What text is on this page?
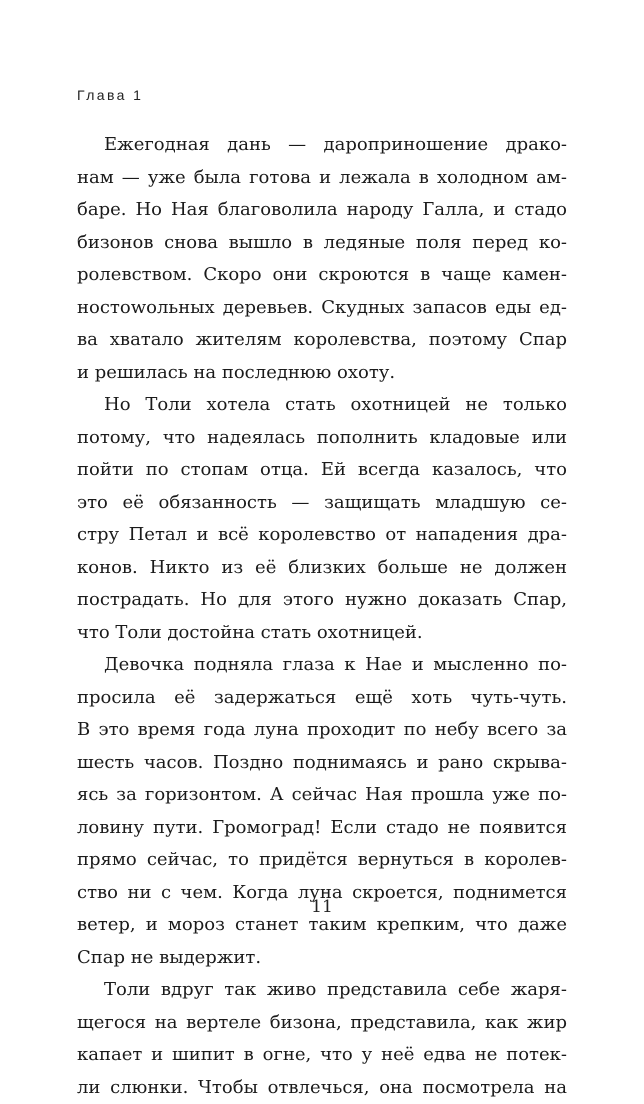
Глава 1
Ежегодная дань — дароприношение драко-
нам — уже была готова и лежала в холодном ам-
баре. Но Ная благоволила народу Галла, и стадо
бизонов снова вышло в ледяные поля перед ко-
ролевством. Скоро они скроются в чаще камен-
ностowольных деревьев. Скудных запасов еды ед-
ва хватало жителям королевства, поэтому Спар
и решилась на последнюю охоту.
Но Толи хотела стать охотницей не только
потому, что надеялась пополнить кладовые или
пойти по стопам отца. Ей всегда казалось, что
это её обязанность — защищать младшую се-
стру Петал и всё королевство от нападения дра-
конов. Никто из её близких больше не должен
пострадать. Но для этого нужно доказать Спар,
что Толи достойна стать охотницей.
Девочка подняла глаза к Нае и мысленно по-
просила её задержаться ещё хоть чуть-чуть.
В это время года луна проходит по небу всего за
шесть часов. Поздно поднимаясь и рано скрыва-
ясь за горизонтом. А сейчас Ная прошла уже по-
ловину пути. Громоград! Если стадо не появится
прямо сейчас, то придётся вернуться в королев-
ство ни с чем. Когда луна скроется, поднимется
ветер, и мороз станет таким крепким, что даже
Спар не выдержит.
Толи вдруг так живо представила себе жаря-
щегося на вертеле бизона, представила, как жир
капает и шипит в огне, что у неё едва не потек-
ли слюнки. Чтобы отвлечься, она посмотрела на
11
